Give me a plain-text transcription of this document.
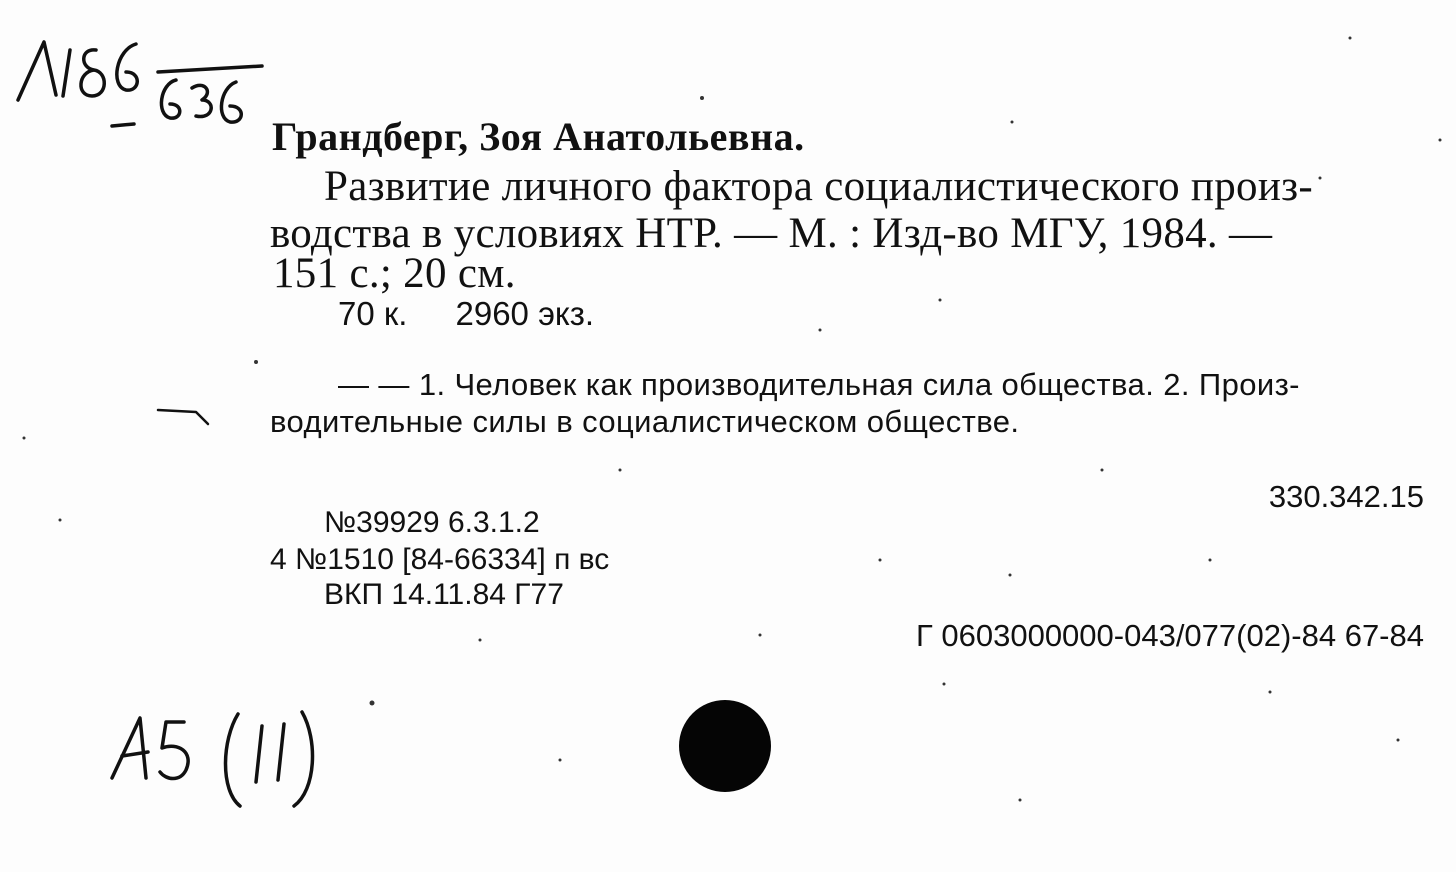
Грандберг, Зоя Анатольевна.
Развитие личного фактора социалистического произ-
водства в условиях НТР. — М. : Изд-во МГУ, 1984. —
151 с.; 20 см.
70 к. 2960 экз.
— — 1. Человек как производительная сила общества. 2. Произ-
водительные силы в социалистическом обществе.
330.342.15
№39929 6.3.1.2
4 №1510 [84-66334] п вс
ВКП 14.11.84 Г77
Г 0603000000-043/077(02)-84 67-84
